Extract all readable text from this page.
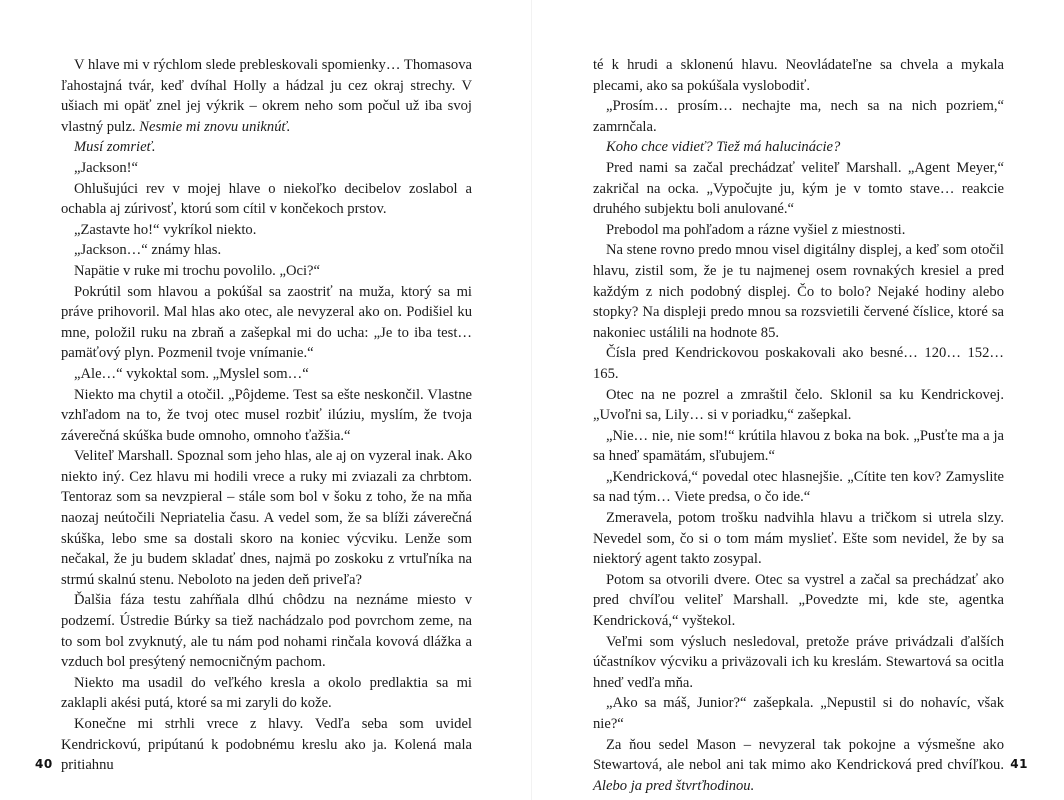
V hlave mi v rýchlom slede prebleskovali spomienky… Thomasova ľahostajná tvár, keď dvíhal Holly a hádzal ju cez okraj strechy. V ušiach mi opäť znel jej výkrik – okrem neho som počul už iba svoj vlastný pulz. Nesmie mi znovu uniknúť.

Musí zomrieť.

„Jackson!“

Ohlušujúci rev v mojej hlave o niekoľko decibelov zoslabol a ochabla aj zúrivosť, ktorú som cítil v končekoch prstov.

„Zastavte ho!“ vykríkol niekto.

„Jackson…“ známy hlas.

Napätie v ruke mi trochu povolilo. „Oci?“

Pokrútil som hlavou a pokúšal sa zaostriť na muža, ktorý sa mi práve prihovoril. Mal hlas ako otec, ale nevyzeral ako on. Podišiel ku mne, položil ruku na zbraň a zašepkal mi do ucha: „Je to iba test… pamäťový plyn. Pozmenil tvoje vnímanie.“

„Ale…“ vykoktal som. „Myslel som…“

Niekto ma chytil a otočil. „Pôjdeme. Test sa ešte neskončil. Vlastne vzhľadom na to, že tvoj otec musel rozbiť ilúziu, myslím, že tvoja záverečná skúška bude omnoho, omnoho ťažšia.“

Veliteľ Marshall. Spoznal som jeho hlas, ale aj on vyzeral inak. Ako niekto iný. Cez hlavu mi hodili vrece a ruky mi zviazali za chrbtom. Tentoraz som sa nevzpieral – stále som bol v šoku z toho, že na mňa naozaj neútočili Nepriatelia času. A vedel som, že sa blíži záverečná skúška, lebo sme sa dostali skoro na koniec výcviku. Lenže som nečakal, že ju budem skladať dnes, najmä po zoskoku z vrtuľníka na strmú skalnú stenu. Neboloto na jeden deň priveľa?

Ďalšia fáza testu zahŕňala dlhú chôdzu na neznáme miesto v podzemí. Ústredie Búrky sa tiež nachádzalo pod povrchom zeme, na to som bol zvyknutý, ale tu nám pod nohami rinčala kovová dlážka a vzduch bol presýtený nemocničným pachom.

Niekto ma usadil do veľkého kresla a okolo predlaktia sa mi zaklapli akési putá, ktoré sa mi zaryli do kože.

Konečne mi strhli vrece z hlavy. Vedľa seba som uvidel Kendrickovú, pripútanú k podobnému kreslu ako ja. Kolená mala pritiahnu

40

té k hrudi a sklonenú hlavu. Neovládateľne sa chvela a mykala plecami, ako sa pokúšala vyslobodiť.

„Prosím… prosím… nechajte ma, nech sa na nich pozriem,“ zamrnčala.

Koho chce vidieť? Tiež má halucinácie?

Pred nami sa začal prechádzať veliteľ Marshall. „Agent Meyer,“ zakričal na ocka. „Vypočujte ju, kým je v tomto stave… reakcie druhého subjektu boli anulované.“

Prebodol ma pohľadom a rázne vyšiel z miestnosti.

Na stene rovno predo mnou visel digitálny displej, a keď som otočil hlavu, zistil som, že je tu najmenej osem rovnakých kresiel a pred každým z nich podobný displej. Čo to bolo? Nejaké hodiny alebo stopky? Na displeji predo mnou sa rozsvietili červené číslice, ktoré sa nakoniec ustálili na hodnote 85.

Čísla pred Kendrickovou poskakovali ako besné… 120… 152… 165.

Otec na ne pozrel a zmraštil čelo. Sklonil sa ku Kendrickovej. „Uvoľni sa, Lily… si v poriadku,“ zašepkal.

„Nie… nie, nie som!“ krútila hlavou z boka na bok. „Pusťte ma a ja sa hneď spamätám, sľubujem.“

„Kendricková,“ povedal otec hlasnejšie. „Cítite ten kov? Zamyslite sa nad tým… Viete predsa, o čo ide.“

Zmeravela, potom trošku nadvihla hlavu a tričkom si utrela slzy. Nevedel som, čo si o tom mám myslieť. Ešte som nevidel, že by sa niektorý agent takto zosypal.

Potom sa otvorili dvere. Otec sa vystrel a začal sa prechádzať ako pred chvíľou veliteľ Marshall. „Povedzte mi, kde ste, agentka Kendricková,“ vyštekol.

Veľmi som výsluch nesledoval, pretože práve privádzali ďalších účastníkov výcviku a priväzovali ich ku kreslám. Stewartová sa ocitla hneď vedľa mňa.

„Ako sa máš, Junior?“ zašepkala. „Nepustil si do nohavíc, však nie?“

Za ňou sedel Mason – nevyzeral tak pokojne a výsmešne ako Stewartová, ale nebol ani tak mimo ako Kendricková pred chvíľkou. Alebo ja pred štvrťhodinou.

41
